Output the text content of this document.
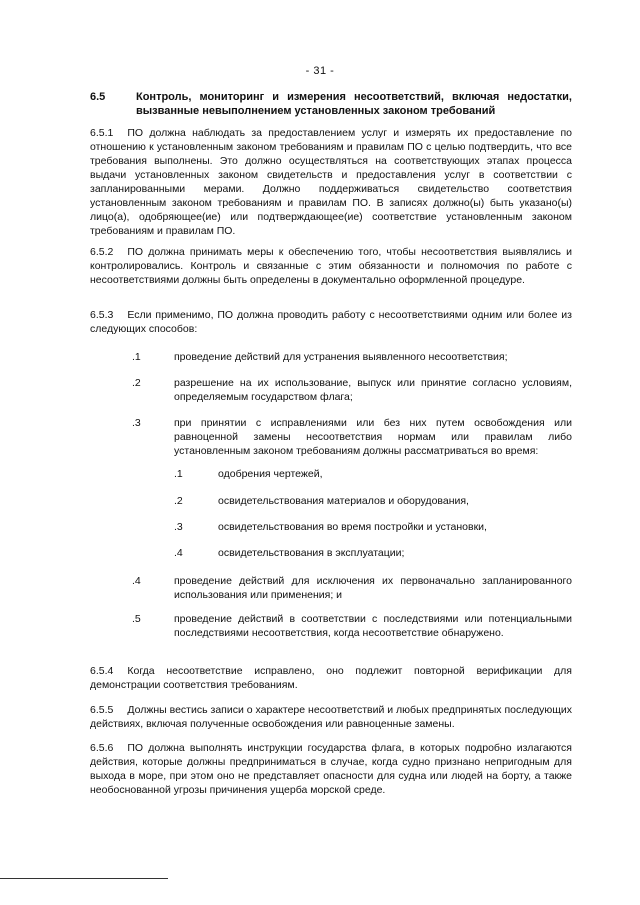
- 31 -
6.5	Контроль, мониторинг и измерения несоответствий, включая недостатки, вызванные невыполнением установленных законом требований
6.5.1 ПО должна наблюдать за предоставлением услуг и измерять их предоставление по отношению к установленным законом требованиям и правилам ПО с целью подтвердить, что все требования выполнены. Это должно осуществляться на соответствующих этапах процесса выдачи установленных законом свидетельств и предоставления услуг в соответствии с запланированными мерами. Должно поддерживаться свидетельство соответствия установленным законом требованиям и правилам ПО. В записях должно(ы) быть указано(ы) лицо(а), одобряющее(ие) или подтверждающее(ие) соответствие установленным законом требованиям и правилам ПО.
6.5.2 ПО должна принимать меры к обеспечению того, чтобы несоответствия выявлялись и контролировались. Контроль и связанные с этим обязанности и полномочия по работе с несоответствиями должны быть определены в документально оформленной процедуре.
6.5.3 Если применимо, ПО должна проводить работу с несоответствиями одним или более из следующих способов:
.1	проведение действий для устранения выявленного несоответствия;
.2	разрешение на их использование, выпуск или принятие согласно условиям, определяемым государством флага;
.3	при принятии с исправлениями или без них путем освобождения или равноценной замены несоответствия нормам или правилам либо установленным законом требованиям должны рассматриваться во время:
.1	одобрения чертежей,
.2	освидетельствования материалов и оборудования,
.3	освидетельствования во время постройки и установки,
.4	освидетельствования в эксплуатации;
.4	проведение действий для исключения их первоначально запланированного использования или применения; и
.5	проведение действий в соответствии с последствиями или потенциальными последствиями несоответствия, когда несоответствие обнаружено.
6.5.4 Когда несоответствие исправлено, оно подлежит повторной верификации для демонстрации соответствия требованиям.
6.5.5 Должны вестись записи о характере несоответствий и любых предпринятых последующих действиях, включая полученные освобождения или равноценные замены.
6.5.6 ПО должна выполнять инструкции государства флага, в которых подробно излагаются действия, которые должны предприниматься в случае, когда судно признано непригодным для выхода в море, при этом оно не представляет опасности для судна или людей на борту, а также необоснованной угрозы причинения ущерба морской среде.
